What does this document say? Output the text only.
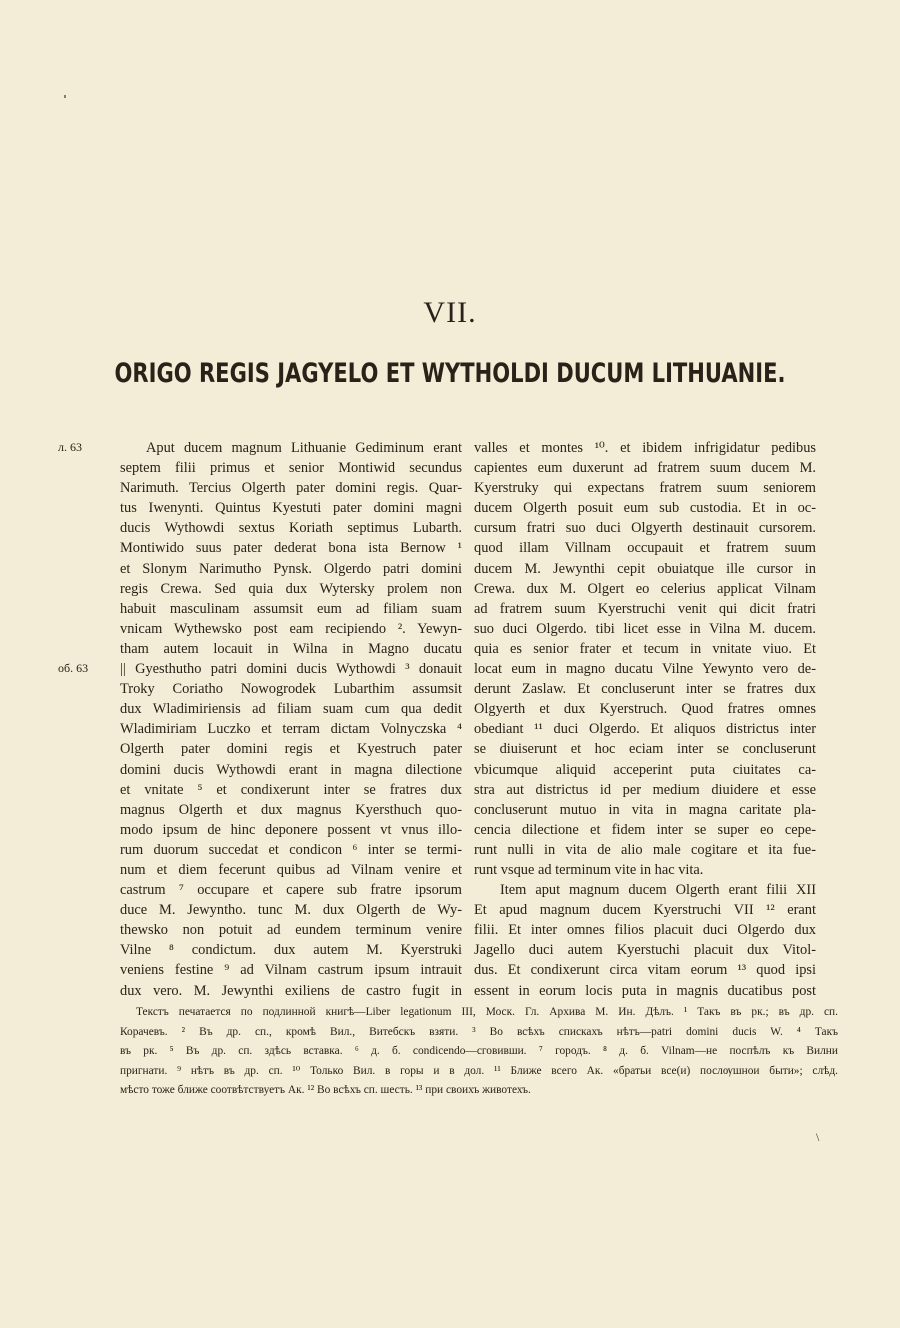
VII.
ORIGO REGIS JAGYELO ET WYTHOLDI DUCUM LITHUANIE.
л. 63
об. 63
Aput ducem magnum Lithuanie Gediminum erant
septem filii primus et senior Montiwid secundus
Narimuth. Tercius Olgerth pater domini regis. Quar-
tus Iwenynti. Quintus Kyestuti pater domini magni
ducis Wythowdi sextus Koriath septimus Lubarth.
Montiwido suus pater dederat bona ista Bernow ¹
et Slonym Narimutho Pynsk. Olgerdo patri domini
regis Crewa. Sed quia dux Wytersky prolem non
habuit masculinam assumsit eum ad filiam suam
vnicam Wythewsko post eam recipiendo ². Yewyn-
tham autem locauit in Wilna in Magno ducatu
|| Gyesthutho patri domini ducis Wythowdi ³ donauit
Troky Coriatho Nowogrodek Lubarthim assumsit
dux Wladimiriensis ad filiam suam cum qua dedit
Wladimiriam Luczko et terram dictam Volnyczska ⁴
Olgerth pater domini regis et Kyestruch pater
domini ducis Wythowdi erant in magna dilectione
et vnitate ⁵ et condixerunt inter se fratres dux
magnus Olgerth et dux magnus Kyersthuch quo-
modo ipsum de hinc deponere possent vt vnus illo-
rum duorum succedat et condicon ⁶ inter se termi-
num et diem fecerunt quibus ad Vilnam venire et
castrum ⁷ occupare et capere sub fratre ipsorum
duce M. Jewyntho. tunc M. dux Olgerth de Wy-
thewsko non potuit ad eundem terminum venire
Vilne ⁸ condictum. dux autem M. Kyerstruki
veniens festine ⁹ ad Vilnam castrum ipsum intrauit
dux vero. M. Jewynthi exiliens de castro fugit in
valles et montes ¹⁰. et ibidem infrigidatur pedibus
capientes eum duxerunt ad fratrem suum ducem M.
Kyerstruky qui expectans fratrem suum seniorem
ducem Olgerth posuit eum sub custodia. Et in oc-
cursum fratri suo duci Olgyerth destinauit cursorem.
quod illam Villnam occupauit et fratrem suum
ducem M. Jewynthi cepit obuiatque ille cursor in
Crewa. dux M. Olgert eo celerius applicat Vilnam
ad fratrem suum Kyerstruchi venit qui dicit fratri
suo duci Olgerdo. tibi licet esse in Vilna M. ducem.
quia es senior frater et tecum in vnitate viuo. Et
locat eum in magno ducatu Vilne Yewynto vero de-
derunt Zaslaw. Et concluserunt inter se fratres dux
Olgyerth et dux Kyerstruch. Quod fratres omnes
obediant ¹¹ duci Olgerdo. Et aliquos districtus inter
se diuiserunt et hoc eciam inter se concluserunt
vbicumque aliquid acceperint puta ciuitates ca-
stra aut districtus id per medium diuidere et esse
concluserunt mutuo in vita in magna caritate pla-
cencia dilectione et fidem inter se super eo cepe-
runt nulli in vita de alio male cogitare et ita fue-
runt vsque ad terminum vite in hac vita.
Item aput magnum ducem Olgerth erant filii XII
Et apud magnum ducem Kyerstruchi VII ¹² erant
filii. Et inter omnes filios placuit duci Olgerdo dux
Jagello duci autem Kyerstuchi placuit dux Vitol-
dus. Et condixerunt circa vitam eorum ¹³ quod ipsi
essent in eorum locis puta in magnis ducatibus post
Текстъ печатается по подлинной книгѣ—Liber legationum III, Моск. Гл. Архива М. Ин. Дѣлъ. ¹ Такъ въ рк.; въ др. сп.
Корачевъ. ² Въ др. сп., кромѣ Вил., Витебскъ взяти. ³ Во всѣхъ спискахъ нѣтъ—patri domini ducis W. ⁴ Такъ
въ рк. ⁵ Въ др. сп. здѣсь вставка. ⁶ д. б. condicendo—сговивши. ⁷ городъ. ⁸ д. б. Vilnam—не поспѣлъ къ Вилни
пригнати. ⁹ нѣтъ въ др. сп. ¹⁰ Только Вил. в горы и в дол. ¹¹ Ближе всего Ак. «братьи все(и) послѹшнои быти»; слѣд.
мѣсто тоже ближе соотвѣтствуетъ Ак. ¹² Во всѣхъ сп. шесть. ¹³ при своихъ животехъ.
\
